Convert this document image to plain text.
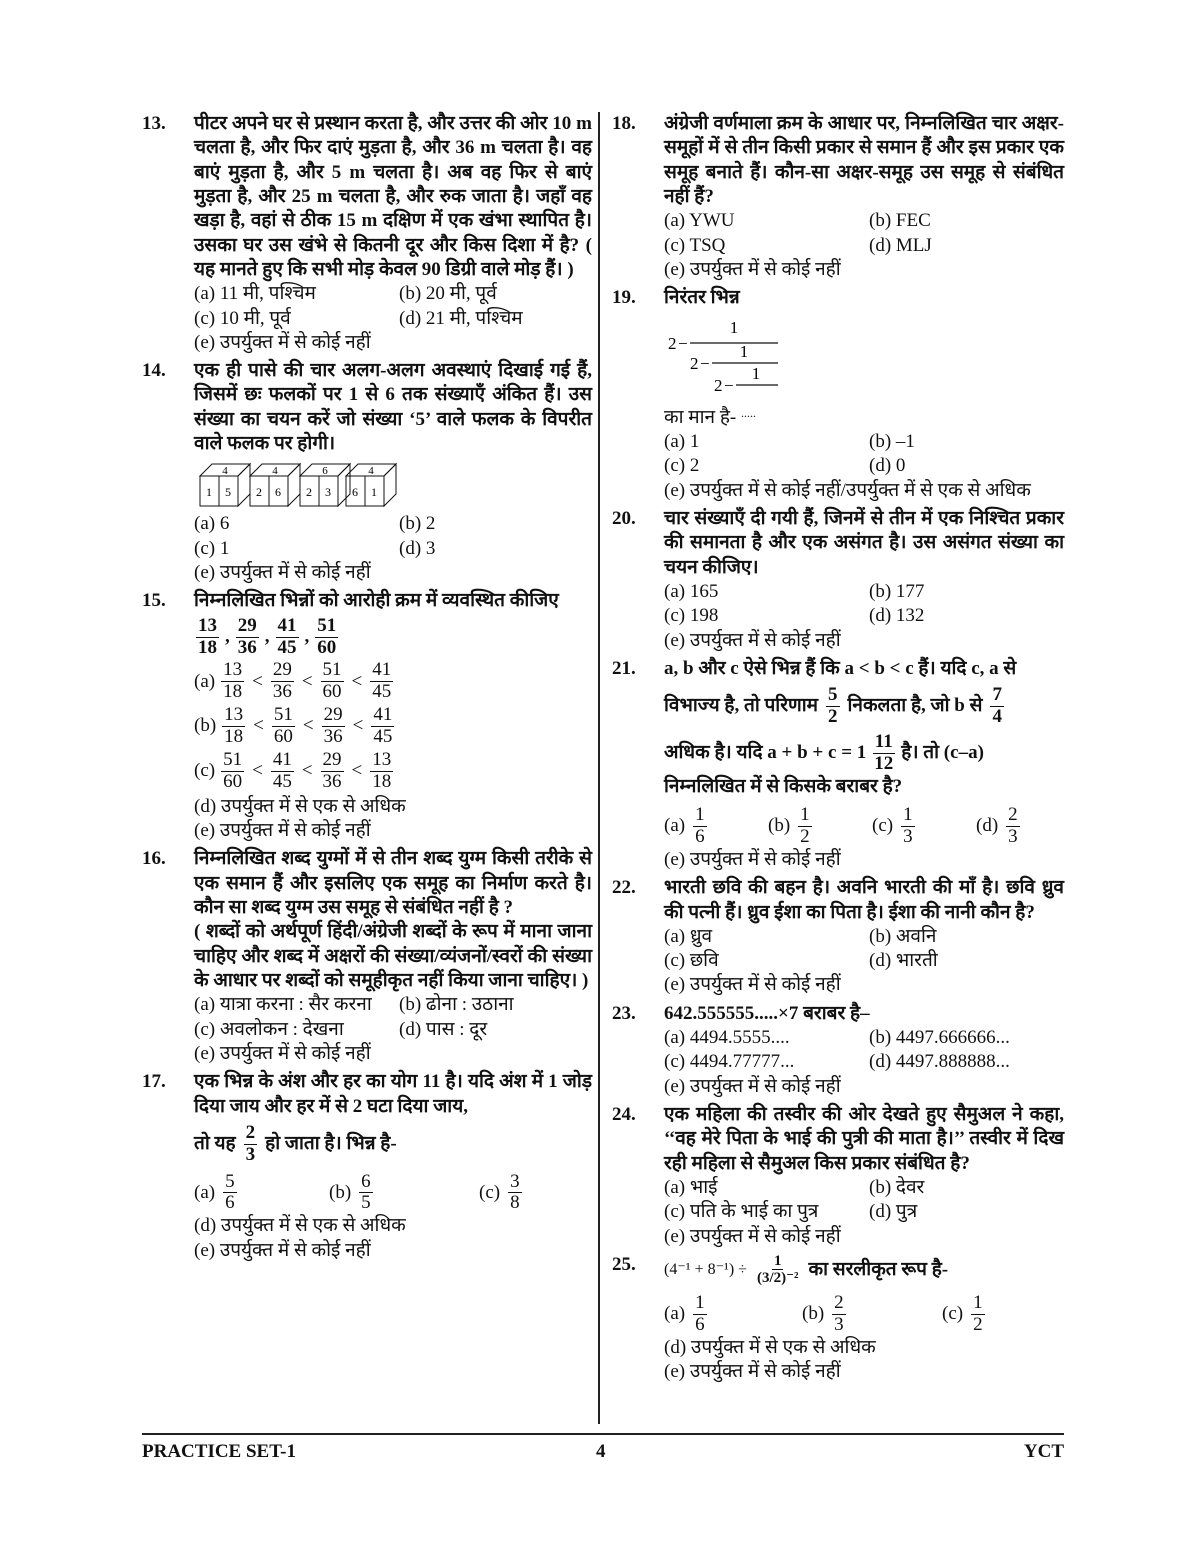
13.	पीटर अपने घर से प्रस्थान करता है, और उत्तर की ओर 10 m चलता है, और फिर दाएं मुड़ता है, और 36 m चलता है। वह बाएं मुड़ता है, और 5 m चलता है। अब वह फिर से बाएं मुड़ता है, और 25 m चलता है, और रुक जाता है। जहाँ वह खड़ा है, वहां से ठीक 15 m दक्षिण में एक खंभा स्थापित है। उसका घर उस खंभे से कितनी दूर और किस दिशा में है? ( यह मानते हुए कि सभी मोड़ केवल 90 डिग्री वाले मोड़ हैं। )
(a) 11 मी, पश्चिम	(b) 20 मी, पूर्व
(c) 10 मी, पूर्व	(d) 21 मी, पश्चिम
(e) उपर्युक्त में से कोई नहीं
14.	एक ही पासे की चार अलग-अलग अवस्थाएं दिखाई गई हैं, जिसमें छः फलकों पर 1 से 6 तक संख्याएँ अंकित हैं। उस संख्या का चयन करें जो संख्या ‘5’ वाले फलक के विपरीत वाले फलक पर होगी।
4
1 5
4
2 6
6
2 3
4
6 1
(a) 6	(b) 2
(c) 1	(d) 3
(e) उपर्युक्त में से कोई नहीं
15.	निम्नलिखित भिन्नों को आरोही क्रम में व्यवस्थित कीजिए
$\frac{13}{18}$ , $\frac{29}{36}$ , $\frac{41}{45}$ , $\frac{51}{60}$
$(a) \frac{13}{18} < \frac{29}{36} < \frac{51}{60} < \frac{41}{45}$
$(b) \frac{13}{18} < \frac{51}{60} < \frac{29}{36} < \frac{41}{45}$
$(c) \frac{51}{60} < \frac{41}{45} < \frac{29}{36} < \frac{13}{18}$
(d) उपर्युक्त में से एक से अधिक
(e) उपर्युक्त में से कोई नहीं
16.	निम्नलिखित शब्द युग्मों में से तीन शब्द युग्म किसी तरीके से एक समान हैं और इसलिए एक समूह का निर्माण करते है। कौन सा शब्द युग्म उस समूह से संबंधित नहीं है ?
( शब्दों को अर्थपूर्ण हिंदी/अंग्रेजी शब्दों के रूप में माना जाना चाहिए और शब्द में अक्षरों की संख्या/व्यंजनों/स्वरों की संख्या के आधार पर शब्दों को समूहीकृत नहीं किया जाना चाहिए। )
(a) यात्रा करना : सैर करना	(b) ढोना : उठाना
(c) अवलोकन : देखना	(d) पास : दूर
(e) उपर्युक्त में से कोई नहीं
17.	एक भिन्न के अंश और हर का योग 11 है। यदि अंश में 1 जोड़ दिया जाय और हर में से 2 घटा दिया जाय,
तो यह $\frac{2}{3}$ हो जाता है। भिन्न है-
$(a) \frac{5}{6}$	$(b) \frac{6}{5}$	$(c) \frac{3}{8}$
(d) उपर्युक्त में से एक से अधिक
(e) उपर्युक्त में से कोई नहीं
18.	अंग्रेजी वर्णमाला क्रम के आधार पर, निम्नलिखित चार अक्षर-समूहों में से तीन किसी प्रकार से समान हैं और इस प्रकार एक समूह बनाते हैं। कौन-सा अक्षर-समूह उस समूह से संबंधित नहीं हैं?
(a) YWU	(b) FEC
(c) TSQ	(d) MLJ
(e) उपर्युक्त में से कोई नहीं
19.	निरंतर भिन्न
2 −
1
2 −
1
2 −
1
का मान है- .....
(a) 1	(b) –1
(c) 2	(d) 0
(e) उपर्युक्त में से कोई नहीं/उपर्युक्त में से एक से अधिक
20.	चार संख्याएँ दी गयी हैं, जिनमें से तीन में एक निश्चित प्रकार की समानता है और एक असंगत है। उस असंगत संख्या का चयन कीजिए।
(a) 165	(b) 177
(c) 198	(d) 132
(e) उपर्युक्त में से कोई नहीं
21.	a, b और c ऐसे भिन्न हैं कि a < b < c हैं। यदि c, a से
विभाज्य है, तो परिणाम $\frac{5}{2}$ निकलता है, जो b से $\frac{7}{4}$
अधिक है। यदि $a + b + c = 1 \frac{11}{12}$ है। तो (c–a)
निम्नलिखित में से किसके बराबर है?
$(a) \frac{1}{6}$	$(b) \frac{1}{2}$	$(c) \frac{1}{3}$	$(d) \frac{2}{3}$
(e) उपर्युक्त में से कोई नहीं
22.	भारती छवि की बहन है। अवनि भारती की माँ है। छवि ध्रुव की पत्नी हैं। ध्रुव ईशा का पिता है। ईशा की नानी कौन है?
(a) ध्रुव	(b) अवनि
(c) छवि	(d) भारती
(e) उपर्युक्त में से कोई नहीं
23.	642.555555.....×7 बराबर है–
(a) 4494.5555....	(b) 4497.666666...
(c) 4494.77777...	(d) 4497.888888...
(e) उपर्युक्त में से कोई नहीं
24.	एक महिला की तस्वीर की ओर देखते हुए सैमुअल ने कहा, ‘‘वह मेरे पिता के भाई की पुत्री की माता है।’’ तस्वीर में दिख रही महिला से सैमुअल किस प्रकार संबंधित है?
(a) भाई	(b) देवर
(c) पति के भाई का पुत्र	(d) पुत्र
(e) उपर्युक्त में से कोई नहीं
25.	$(4^{-1} + 8^{-1}) \div \frac{1}{\text{(3/2)⁻²}}$ का सरलीकृत रूप है-
$(a) \frac{1}{6}$	$(b) \frac{2}{3}$	$(c) \frac{1}{2}$
(d) उपर्युक्त में से एक से अधिक
(e) उपर्युक्त में से कोई नहीं
PRACTICE SET-1	4	YCT
